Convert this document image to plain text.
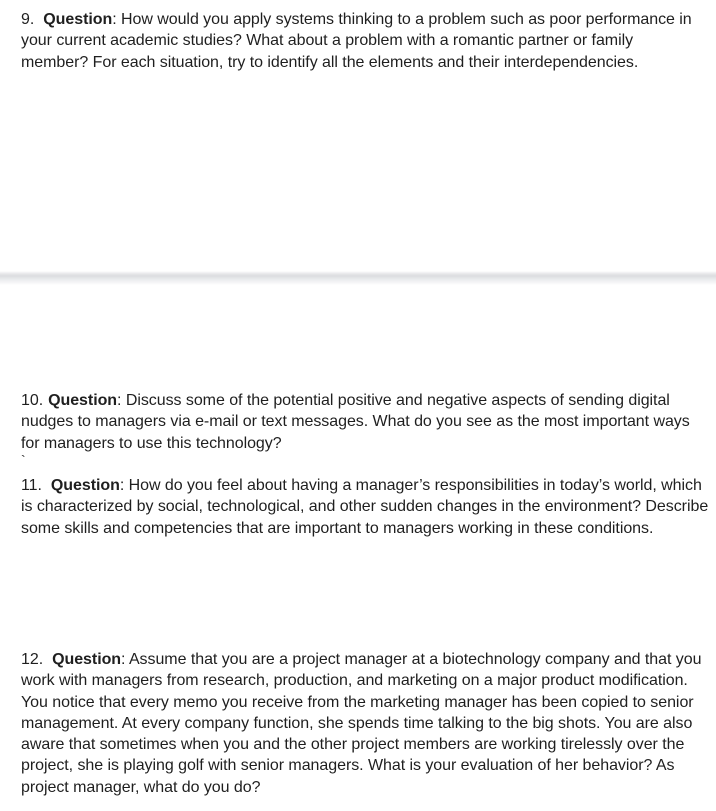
9. Question: How would you apply systems thinking to a problem such as poor performance in your current academic studies? What about a problem with a romantic partner or family member? For each situation, try to identify all the elements and their interdependencies.
10. Question: Discuss some of the potential positive and negative aspects of sending digital nudges to managers via e-mail or text messages. What do you see as the most important ways for managers to use this technology?
`
11. Question: How do you feel about having a manager’s responsibilities in today’s world, which is characterized by social, technological, and other sudden changes in the environment? Describe some skills and competencies that are important to managers working in these conditions.
12. Question: Assume that you are a project manager at a biotechnology company and that you work with managers from research, production, and marketing on a major product modification. You notice that every memo you receive from the marketing manager has been copied to senior management. At every company function, she spends time talking to the big shots. You are also aware that sometimes when you and the other project members are working tirelessly over the project, she is playing golf with senior managers. What is your evaluation of her behavior? As project manager, what do you do?
